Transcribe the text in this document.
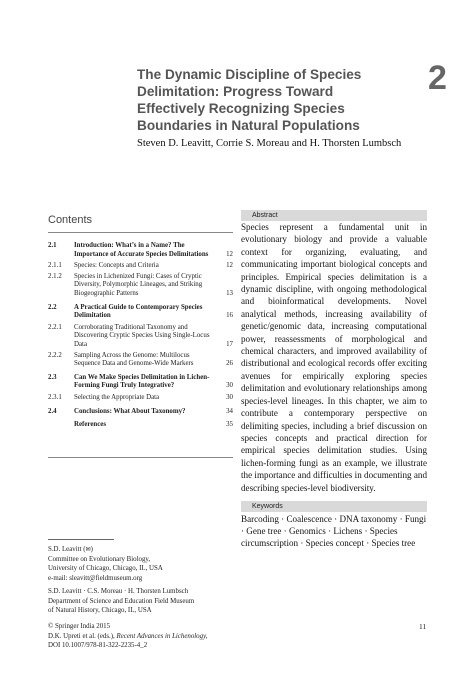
2
The Dynamic Discipline of Species
Delimitation: Progress Toward
Effectively Recognizing Species
Boundaries in Natural Populations
Steven D. Leavitt, Corrie S. Moreau and H. Thorsten Lumbsch
Contents
2.1	Introduction: What’s in a Name? The Importance of Accurate Species Delimitations	12
2.1.1	Species: Concepts and Criteria	12
2.1.2	Species in Lichenized Fungi: Cases of Cryptic Diversity, Polymorphic Lineages, and Striking Biogeographic Patterns	13
2.2	A Practical Guide to Contemporary Species Delimitation	16
2.2.1	Corroborating Traditional Taxonomy and Discovering Cryptic Species Using Single-Locus Data	17
2.2.2	Sampling Across the Genome: Multilocus Sequence Data and Genome-Wide Markers	26
2.3	Can We Make Species Delimitation in Lichen-Forming Fungi Truly Integrative?	30
2.3.1	Selecting the Appropriate Data	30
2.4	Conclusions: What About Taxonomy?	34
References	35
Abstract
Species represent a fundamental unit in evolutionary biology and provide a valuable context for organizing, evaluating, and communicating important biological concepts and principles. Empirical species delimitation is a dynamic discipline, with ongoing methodological and bioinformatical developments. Novel analytical methods, increasing availability of genetic/genomic data, increasing computational power, reassessments of morphological and chemical characters, and improved availability of distributional and ecological records offer exciting avenues for empirically exploring species delimitation and evolutionary relationships among species-level lineages. In this chapter, we aim to contribute a contemporary perspective on delimiting species, including a brief discussion on species concepts and practical direction for empirical species delimitation studies. Using lichen-forming fungi as an example, we illustrate the importance and difficulties in documenting and describing species-level biodiversity.
Keywords
Barcoding · Coalescence · DNA taxonomy · Fungi · Gene tree · Genomics · Lichens · Species circumscription · Species concept · Species tree
S.D. Leavitt (✉)
Committee on Evolutionary Biology,
University of Chicago, Chicago, IL, USA
e-mail: sleavitt@fieldmuseum.org
S.D. Leavitt · C.S. Moreau · H. Thorsten Lumbsch
Department of Science and Education Field Museum
of Natural History, Chicago, IL, USA
© Springer India 2015
D.K. Upreti et al. (eds.), Recent Advances in Lichenology,
DOI 10.1007/978-81-322-2235-4_2
11
